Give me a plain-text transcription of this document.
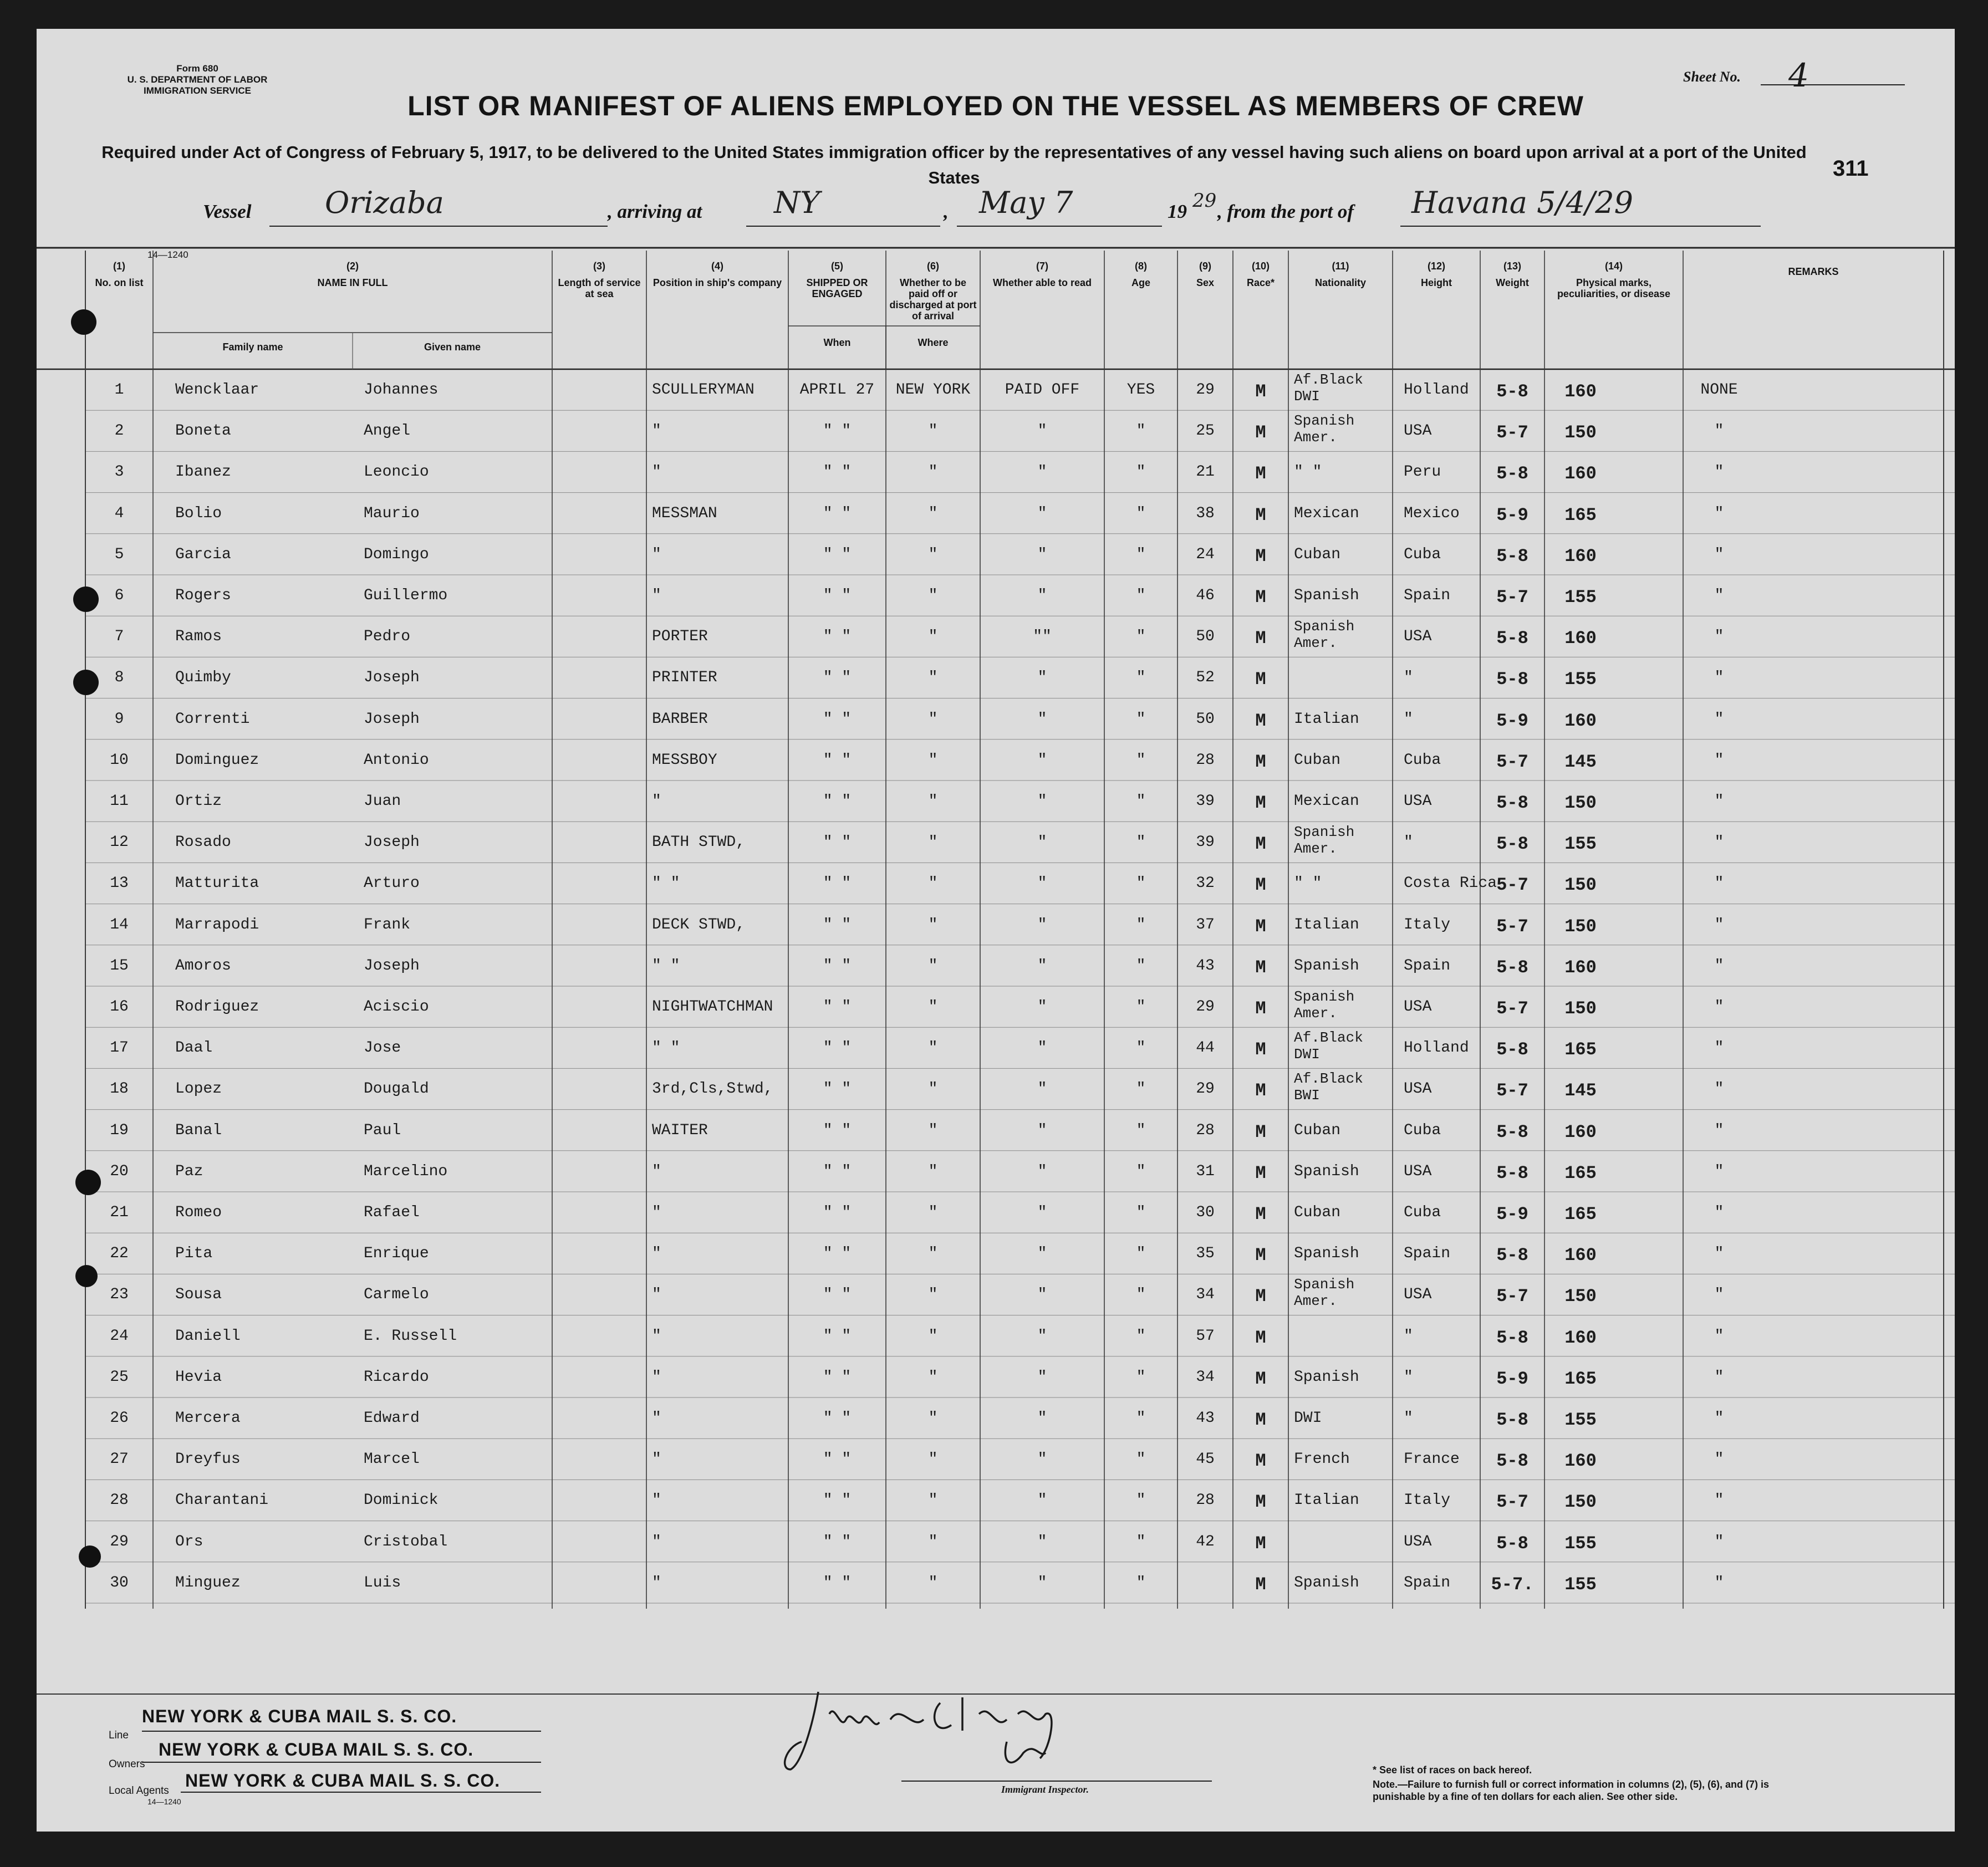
Form 680
U. S. DEPARTMENT OF LABOR
IMMIGRATION SERVICE
Sheet No. 4
LIST OR MANIFEST OF ALIENS EMPLOYED ON THE VESSEL AS MEMBERS OF CREW
Required under Act of Congress of February 5, 1917, to be delivered to the United States immigration officer by the representatives of any vessel having such aliens on board upon arrival at a port of the United States	311
Vessel Orizaba	, arriving at NY	, May 7	19 29 , from the port of Havana 5/4/29
14—1240
(1)
No. on list
(2)
NAME IN FULL
Family name	Given name
(3)
Length of service at sea
(4)
Position in ship's company
(5)
SHIPPED OR ENGAGED
When	Where
(6)
Whether to be paid off or discharged at port of arrival
(7)
Whether able to read
(8)
Age
(9)
Sex
(10)
Race*
(11)
Nationality
(12)
Height
(13)
Weight
(14)
Physical marks, peculiarities, or disease
REMARKS
1	Wencklaar	Johannes	SCULLERYMAN	APRIL 27	NEW YORK	PAID OFF	YES	29	M
Af.Black DWI	Holland	5-8	160	NONE
2	Boneta	Angel	"	" "	"	"	"	25	M
Spanish Amer.	USA	5-7	150	"
3	Ibanez	Leoncio	"	" "	"	"	"	21	M	" "	Peru	5-8	160	"
4	Bolio	Maurio	MESSMAN	" "	"	"	"	38	M	Mexican	Mexico	5-9	165	"
5	Garcia	Domingo	"	" "	"	"	"	24	M	Cuban	Cuba	5-8	160	"
6	Rogers	Guillermo	"	" "	"	"	"	46	M	Spanish	Spain	5-7	155	"
7	Ramos	Pedro	PORTER	" "	"	""	"	50	M
Spanish Amer.	USA	5-8	160	"
8	Quimby	Joseph	PRINTER	" "	"	"	"	52	M	"	5-8	155	"
9	Correnti	Joseph	BARBER	" "	"	"	"	50	M	Italian	"	5-9	160	"
10	Dominguez	Antonio	MESSBOY	" "	"	"	"	28	M	Cuban	Cuba	5-7	145	"
11	Ortiz	Juan	"	" "	"	"	"	39	M	Mexican	USA	5-8	150	"
12	Rosado	Joseph	BATH STWD,	" "	"	"	"	39	M
Spanish Amer.	"	5-8	155	"
13	Matturita	Arturo	" "	" "	"	"	"	32	M	" "	Costa Rica 5-7	150	"
14	Marrapodi	Frank	DECK STWD,	" "	"	"	"	37	M	Italian	Italy	5-7	150	"
15	Amoros	Joseph	" "	" "	"	"	"	43	M	Spanish	Spain	5-8	160	"
16	Rodriguez	Aciscio	NIGHTWATCHMAN	" "	"	"	"	29	M
Spanish Amer.	USA	5-7	150	"
17	Daal	Jose	" "	" "	"	"	"	44	M
Af.Black DWI	Holland	5-8	165	"
18	Lopez	Dougald	3rd,Cls,Stwd,	" "	"	"	"	29	M
Af.Black BWI	USA	5-7	145	"
19	Banal	Paul	WAITER	" "	"	"	"	28	M	Cuban	Cuba	5-8	160	"
20	Paz	Marcelino	"	" "	"	"	"	31	M	Spanish	USA	5-8	165	"
21	Romeo	Rafael	"	" "	"	"	"	30	M	Cuban	Cuba	5-9	165	"
22	Pita	Enrique	"	" "	"	"	"	35	M	Spanish	Spain	5-8	160	"
23	Sousa	Carmelo	"	" "	"	"	"	34	M
Spanish Amer.	USA	5-7	150	"
24	Daniell	E. Russell	"	" "	"	"	"	57	M	"	5-8	160	"
25	Hevia	Ricardo	"	" "	"	"	"	34	M	Spanish	"	5-9	165	"
26	Mercera	Edward	"	" "	"	"	"	43	M	DWI	"	5-8	155	"
27	Dreyfus	Marcel	"	" "	"	"	"	45	M	French	France	5-8	160	"
28	Charantani	Dominick	"	" "	"	"	"	28	M	Italian	Italy	5-7	150	"
29	Ors	Cristobal	"	" "	"	"	"	42	M	USA	5-8	155	"
30	Minguez	Luis	"	" "	"	"	"	M	Spanish	Spain	5-7.	155	"
NEW YORK & CUBA MAIL S. S. CO.
Line
Owners
NEW YORK & CUBA MAIL S. S. CO.
Local Agents
NEW YORK & CUBA MAIL S. S. CO.
14—1240
Immigrant Inspector.
* See list of races on back hereof.
Note.—Failure to furnish full or correct information in columns (2), (5), (6), and (7) is punishable by a fine of ten dollars for each alien. See other side.
